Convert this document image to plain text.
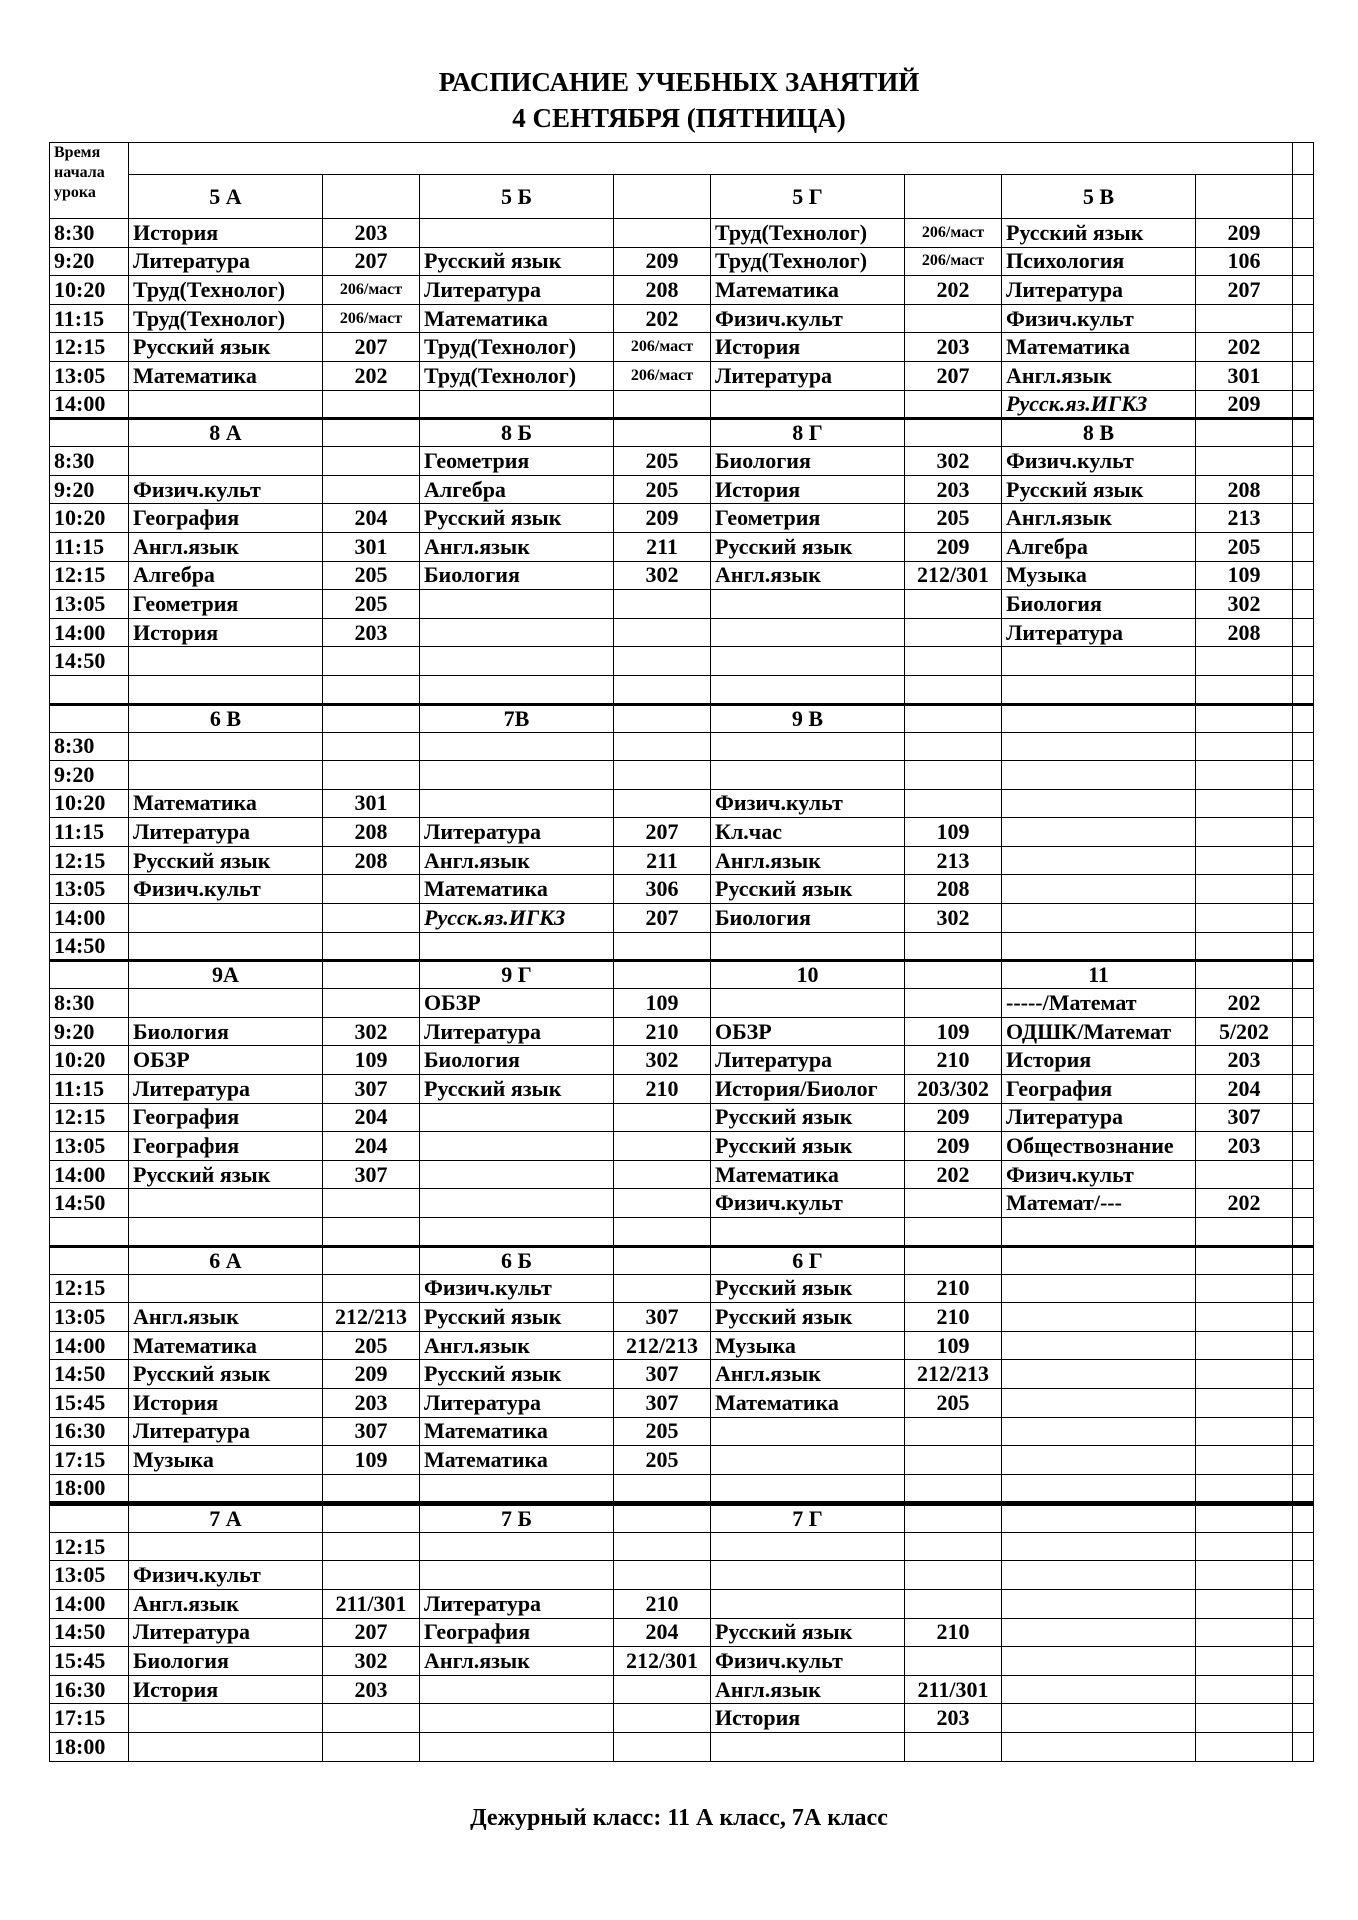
РАСПИСАНИЕ УЧЕБНЫХ ЗАНЯТИЙ
4 СЕНТЯБРЯ (ПЯТНИЦА)
Время начала урока									
	5 А		5 Б		5 Г		5 В		
8:30	История	203			Труд(Технолог)	206/маст	Русский язык	209	
9:20	Литература	207	Русский язык	209	Труд(Технолог)	206/маст	Психология	106	
10:20	Труд(Технолог)	206/маст	Литература	208	Математика	202	Литература	207	
11:15	Труд(Технолог)	206/маст	Математика	202	Физич.культ		Физич.культ		
12:15	Русский язык	207	Труд(Технолог)	206/маст	История	203	Математика	202	
13:05	Математика	202	Труд(Технолог)	206/маст	Литература	207	Англ.язык	301	
14:00							Русск.яз.ИГКЗ	209	
	8 А		8 Б		8 Г		8 В		
8:30			Геометрия	205	Биология	302	Физич.культ		
9:20	Физич.культ		Алгебра	205	История	203	Русский язык	208	
10:20	География	204	Русский язык	209	Геометрия	205	Англ.язык	213	
11:15	Англ.язык	301	Англ.язык	211	Русский язык	209	Алгебра	205	
12:15	Алгебра	205	Биология	302	Англ.язык	212/301	Музыка	109	
13:05	Геометрия	205					Биология	302	
14:00	История	203					Литература	208	
14:50									

	6 В		7В		9 В				
8:30									
9:20									
10:20	Математика	301			Физич.культ				
11:15	Литература	208	Литература	207	Кл.час	109			
12:15	Русский язык	208	Англ.язык	211	Англ.язык	213			
13:05	Физич.культ		Математика	306	Русский язык	208			
14:00			Русск.яз.ИГКЗ	207	Биология	302			
14:50									
	9А		9 Г		10		11		
8:30			ОБЗР	109			-----/Математ	202	
9:20	Биология	302	Литература	210	ОБЗР	109	ОДШК/Математ	5/202	
10:20	ОБЗР	109	Биология	302	Литература	210	История	203	
11:15	Литература	307	Русский язык	210	История/Биолог	203/302	География	204	
12:15	География	204			Русский язык	209	Литература	307	
13:05	География	204			Русский язык	209	Обществознание	203	
14:00	Русский язык	307			Математика	202	Физич.культ		
14:50					Физич.культ		Математ/---	202	

	6 А		6 Б		6 Г				
12:15			Физич.культ		Русский язык	210			
13:05	Англ.язык	212/213	Русский язык	307	Русский язык	210			
14:00	Математика	205	Англ.язык	212/213	Музыка	109			
14:50	Русский язык	209	Русский язык	307	Англ.язык	212/213			
15:45	История	203	Литература	307	Математика	205			
16:30	Литература	307	Математика	205					
17:15	Музыка	109	Математика	205					
18:00									
	7 А		7 Б		7 Г				
12:15									
13:05	Физич.культ								
14:00	Англ.язык	211/301	Литература	210					
14:50	Литература	207	География	204	Русский язык	210			
15:45	Биология	302	Англ.язык	212/301	Физич.культ				
16:30	История	203			Англ.язык	211/301			
17:15					История	203			
18:00									
Дежурный класс: 11 А класс, 7А класс
